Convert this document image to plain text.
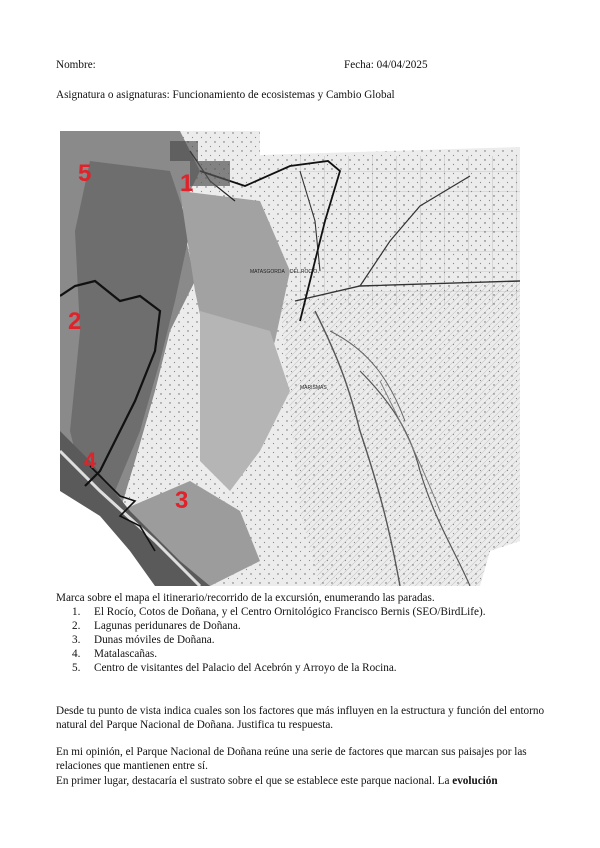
Nombre:	Fecha: 04/04/2025
Asignatura o asignaturas: Funcionamiento de ecosistemas y Cambio Global
MATASGORDA DEL ROCIO
MARISMAS
5	1
2
4
3
Marca sobre el mapa el itinerario/recorrido de la excursión, enumerando las paradas.
1.	El Rocío, Cotos de Doñana, y el Centro Ornitológico Francisco Bernis (SEO/BirdLife).
2.	Lagunas peridunares de Doñana.
3.	Dunas móviles de Doñana.
4.	Matalascañas.
5.	Centro de visitantes del Palacio del Acebrón y Arroyo de la Rocina.
Desde tu punto de vista indica cuales son los factores que más influyen en la estructura y función del entorno natural del Parque Nacional de Doñana. Justifica tu respuesta.
En mi opinión, el Parque Nacional de Doñana reúne una serie de factores que marcan sus paisajes por las relaciones que mantienen entre sí.
En primer lugar, destacaría el sustrato sobre el que se establece este parque nacional. La evolución
